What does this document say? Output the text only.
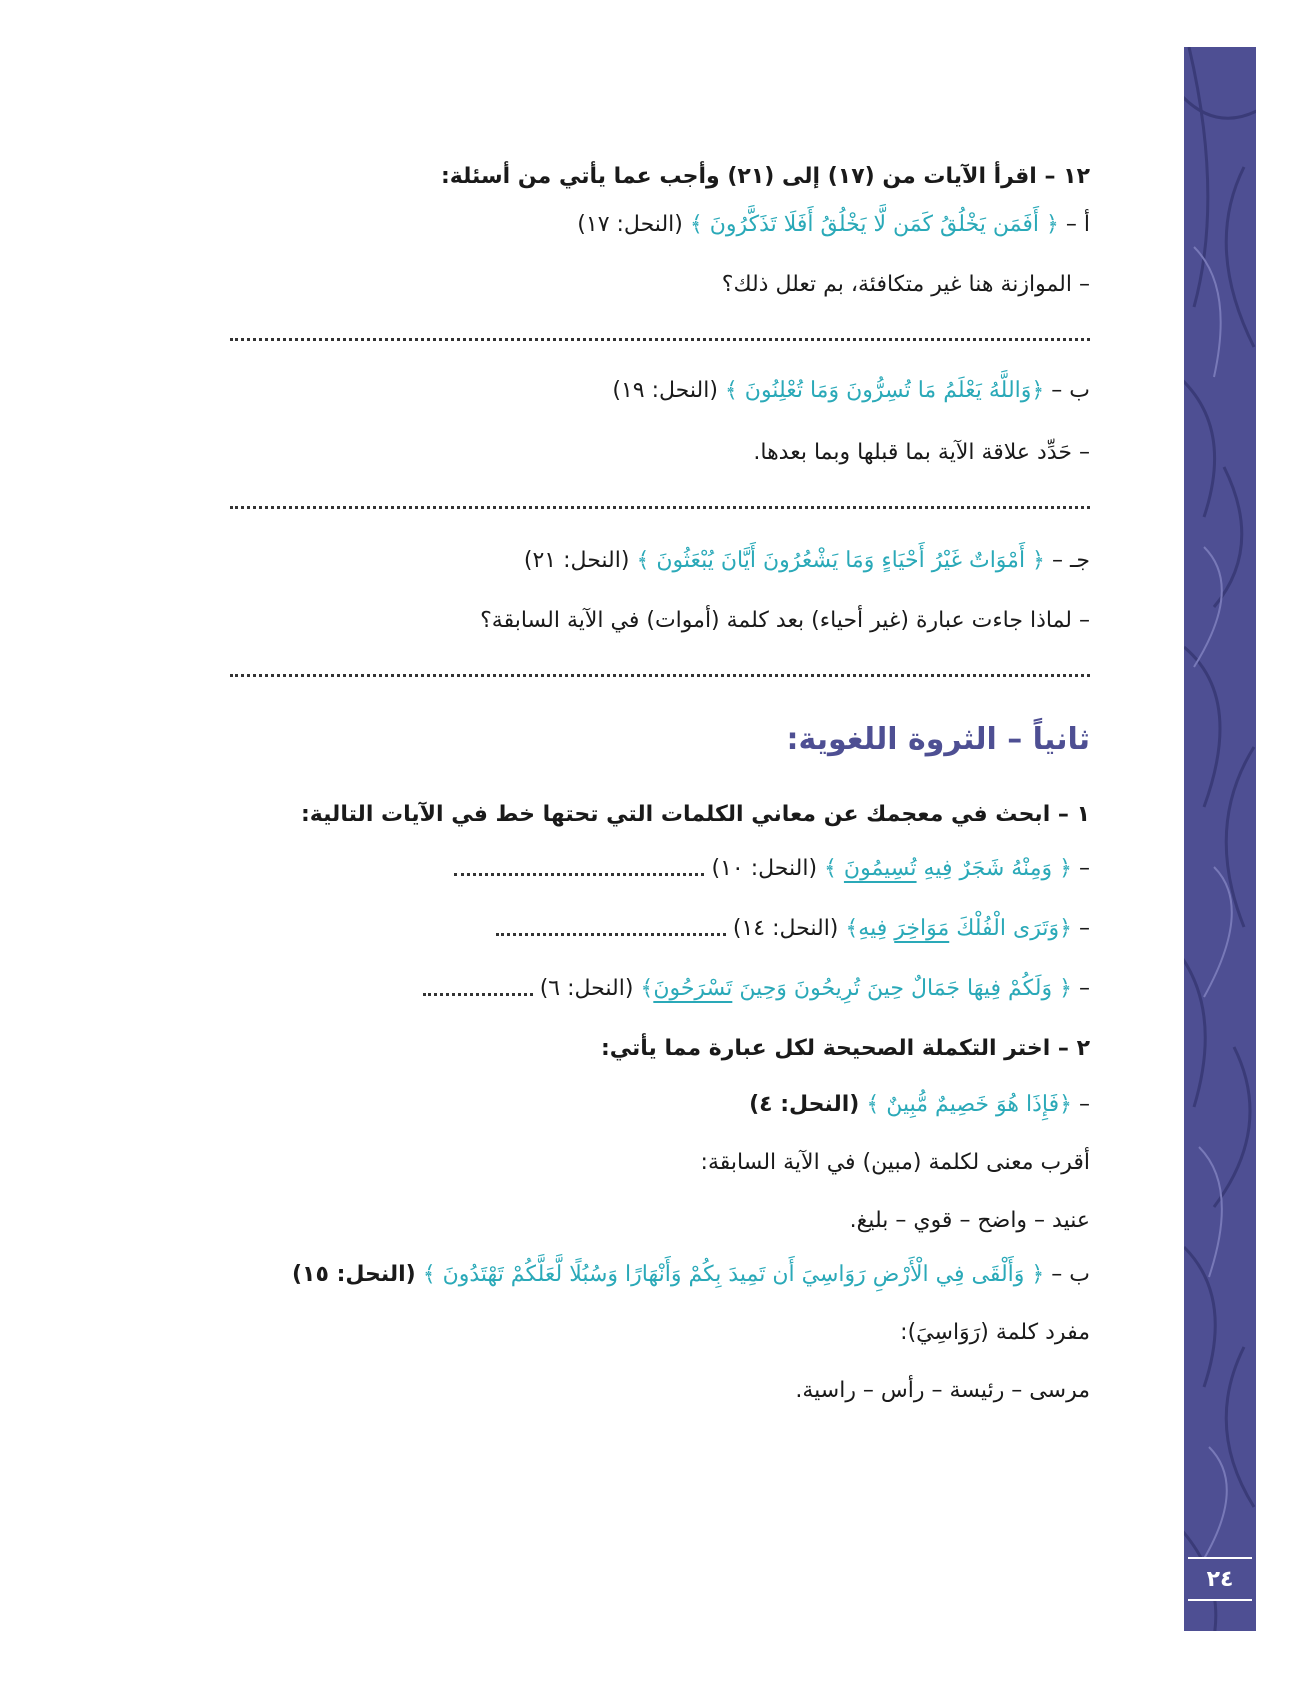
٢٤
١٢ – اقرأ الآيات من (١٧) إلى (٢١) وأجب عما يأتي من أسئلة:
أ – ﴿ أَفَمَن يَخْلُقُ كَمَن لَّا يَخْلُقُ أَفَلَا تَذَكَّرُونَ ﴾ (النحل: ١٧)
– الموازنة هنا غير متكافئة، بم تعلل ذلك؟
ب – ﴿وَاللَّهُ يَعْلَمُ مَا تُسِرُّونَ وَمَا تُعْلِنُونَ ﴾ (النحل: ١٩)
– حَدِّد علاقة الآية بما قبلها وبما بعدها.
جـ – ﴿ أَمْوَاتٌ غَيْرُ أَحْيَاءٍ وَمَا يَشْعُرُونَ أَيَّانَ يُبْعَثُونَ ﴾ (النحل: ٢١)
– لماذا جاءت عبارة (غير أحياء) بعد كلمة (أموات) في الآية السابقة؟
ثانياً – الثروة اللغوية:
١ – ابحث في معجمك عن معاني الكلمات التي تحتها خط في الآيات التالية:
– ﴿ وَمِنْهُ شَجَرٌ فِيهِ تُسِيمُونَ ﴾ (النحل: ١٠)
– ﴿وَتَرَى الْفُلْكَ مَوَاخِرَ فِيهِ﴾ (النحل: ١٤)
– ﴿ وَلَكُمْ فِيهَا جَمَالٌ حِينَ تُرِيحُونَ وَحِينَ تَسْرَحُونَ﴾ (النحل: ٦)
٢ – اختر التكملة الصحيحة لكل عبارة مما يأتي:
– ﴿فَإِذَا هُوَ خَصِيمٌ مُّبِينٌ ﴾ (النحل: ٤)
أقرب معنى لكلمة (مبين) في الآية السابقة:
عنيد – واضح – قوي – بليغ.
ب – ﴿ وَأَلْقَى فِي الْأَرْضِ رَوَاسِيَ أَن تَمِيدَ بِكُمْ وَأَنْهَارًا وَسُبُلًا لَّعَلَّكُمْ تَهْتَدُونَ ﴾ (النحل: ١٥)
مفرد كلمة (رَوَاسِيَ):
مرسى – رئيسة – رأس – راسية.
